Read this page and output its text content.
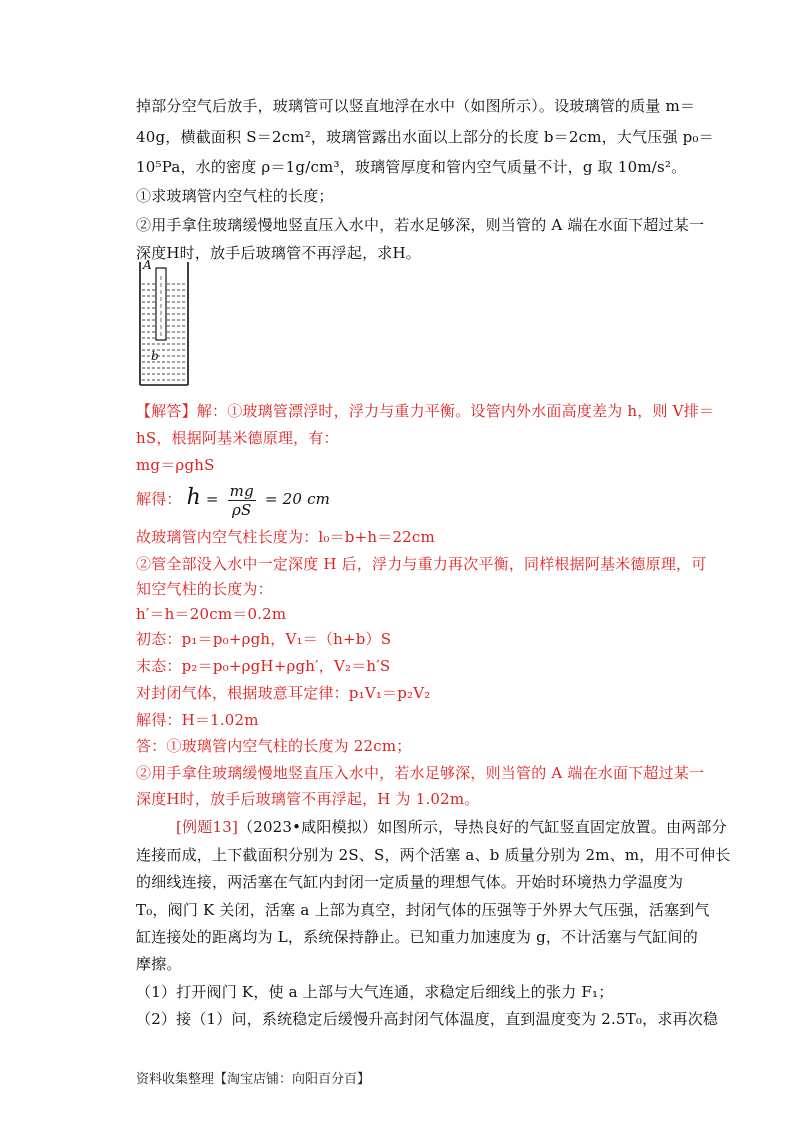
掉部分空气后放手，玻璃管可以竖直地浮在水中（如图所示）。设玻璃管的质量 m＝
40g，横截面积 S＝2cm²，玻璃管露出水面以上部分的长度 b＝2cm，大气压强 p₀＝
10⁵Pa，水的密度 ρ＝1g/cm³，玻璃管厚度和管内空气质量不计，g 取 10m/s²。
①求玻璃管内空气柱的长度；
②用手拿住玻璃缓慢地竖直压入水中，若水足够深，则当管的 A 端在水面下超过某一
深度H时，放手后玻璃管不再浮起，求H。
A
b
【解答】解：①玻璃管漂浮时，浮力与重力平衡。设管内外水面高度差为 h，则 V排＝
hS，根据阿基米德原理，有：
mg＝ρghS
解得： $h = \frac{mg}{\rho S} = 20$ cm
故玻璃管内空气柱长度为：l₀＝b+h＝22cm
②管全部没入水中一定深度 H 后，浮力与重力再次平衡，同样根据阿基米德原理，可
知空气柱的长度为：
h′＝h＝20cm＝0.2m
初态：p₁＝p₀+ρgh，V₁＝（h+b）S
末态：p₂＝p₀+ρgH+ρgh′，V₂＝h′S
对封闭气体，根据玻意耳定律：p₁V₁＝p₂V₂
解得：H＝1.02m
答：①玻璃管内空气柱的长度为 22cm；
②用手拿住玻璃缓慢地竖直压入水中，若水足够深，则当管的 A 端在水面下超过某一
深度H时，放手后玻璃管不再浮起，H 为 1.02m。
[例题13]（2023•咸阳模拟）如图所示，导热良好的气缸竖直固定放置。由两部分
连接而成，上下截面积分别为 2S、S，两个活塞 a、b 质量分别为 2m、m，用不可伸长
的细线连接，两活塞在气缸内封闭一定质量的理想气体。开始时环境热力学温度为
T₀，阀门 K 关闭，活塞 a 上部为真空，封闭气体的压强等于外界大气压强，活塞到气
缸连接处的距离均为 L，系统保持静止。已知重力加速度为 g，不计活塞与气缸间的
摩擦。
（1）打开阀门 K，使 a 上部与大气连通，求稳定后细线上的张力 F₁；
（2）接（1）问，系统稳定后缓慢升高封闭气体温度，直到温度变为 2.5T₀，求再次稳
资料收集整理【淘宝店铺：向阳百分百】
